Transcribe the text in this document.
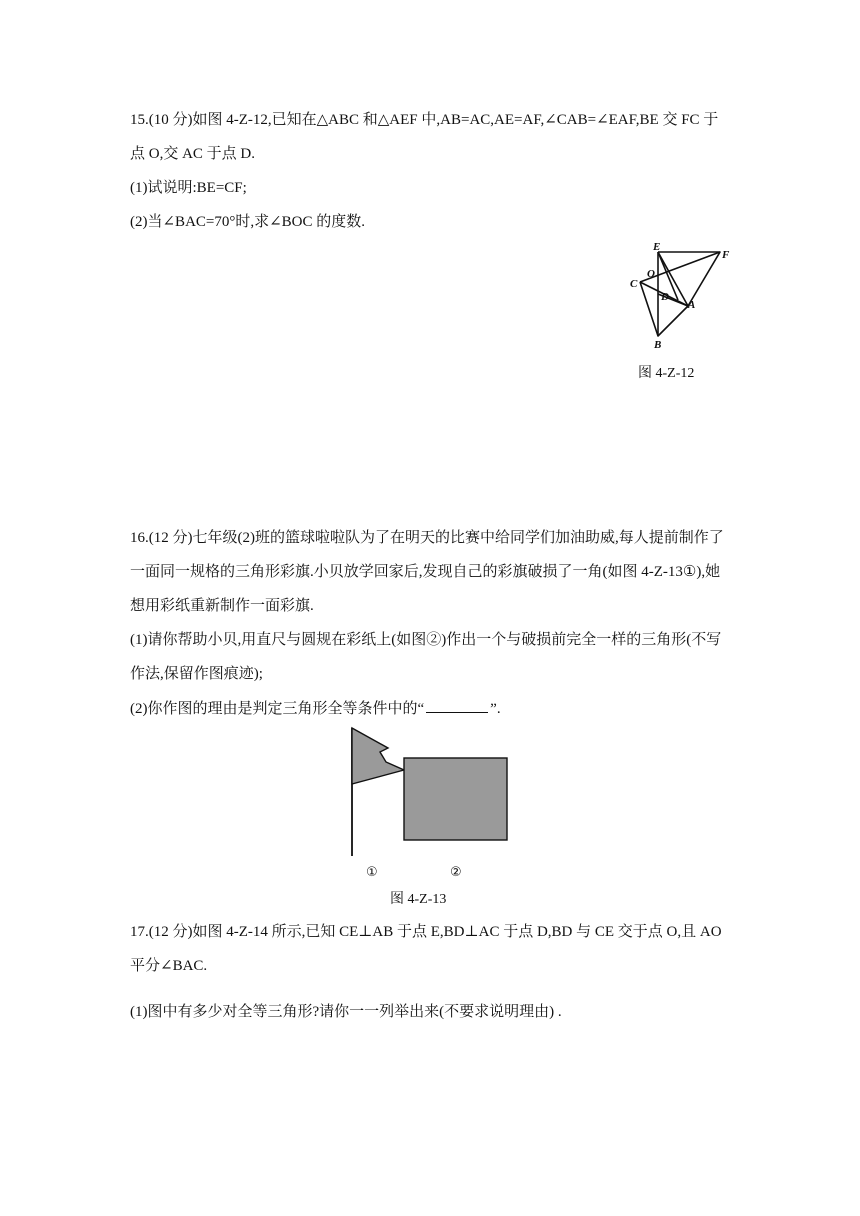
15.(10 分)如图 4-Z-12,已知在△ABC 和△AEF 中,AB=AC,AE=AF,∠CAB=∠EAF,BE 交 FC 于
点 O,交 AC 于点 D.
(1)试说明:BE=CF;
(2)当∠BAC=70°时,求∠BOC 的度数.
E
F
O
C
D
A
B
图 4-Z-12
16.(12 分)七年级(2)班的篮球啦啦队为了在明天的比赛中给同学们加油助威,每人提前制作了
一面同一规格的三角形彩旗.小贝放学回家后,发现自己的彩旗破损了一角(如图 4-Z-13①),她
想用彩纸重新制作一面彩旗.
(1)请你帮助小贝,用直尺与圆规在彩纸上(如图②)作出一个与破损前完全一样的三角形(不写
作法,保留作图痕迹);
(2)你作图的理由是判定三角形全等条件中的“	”.
①	②
图 4-Z-13
17.(12 分)如图 4-Z-14 所示,已知 CE⊥AB 于点 E,BD⊥AC 于点 D,BD 与 CE 交于点 O,且 AO
平分∠BAC.
(1)图中有多少对全等三角形?请你一一列举出来(不要求说明理由) .
